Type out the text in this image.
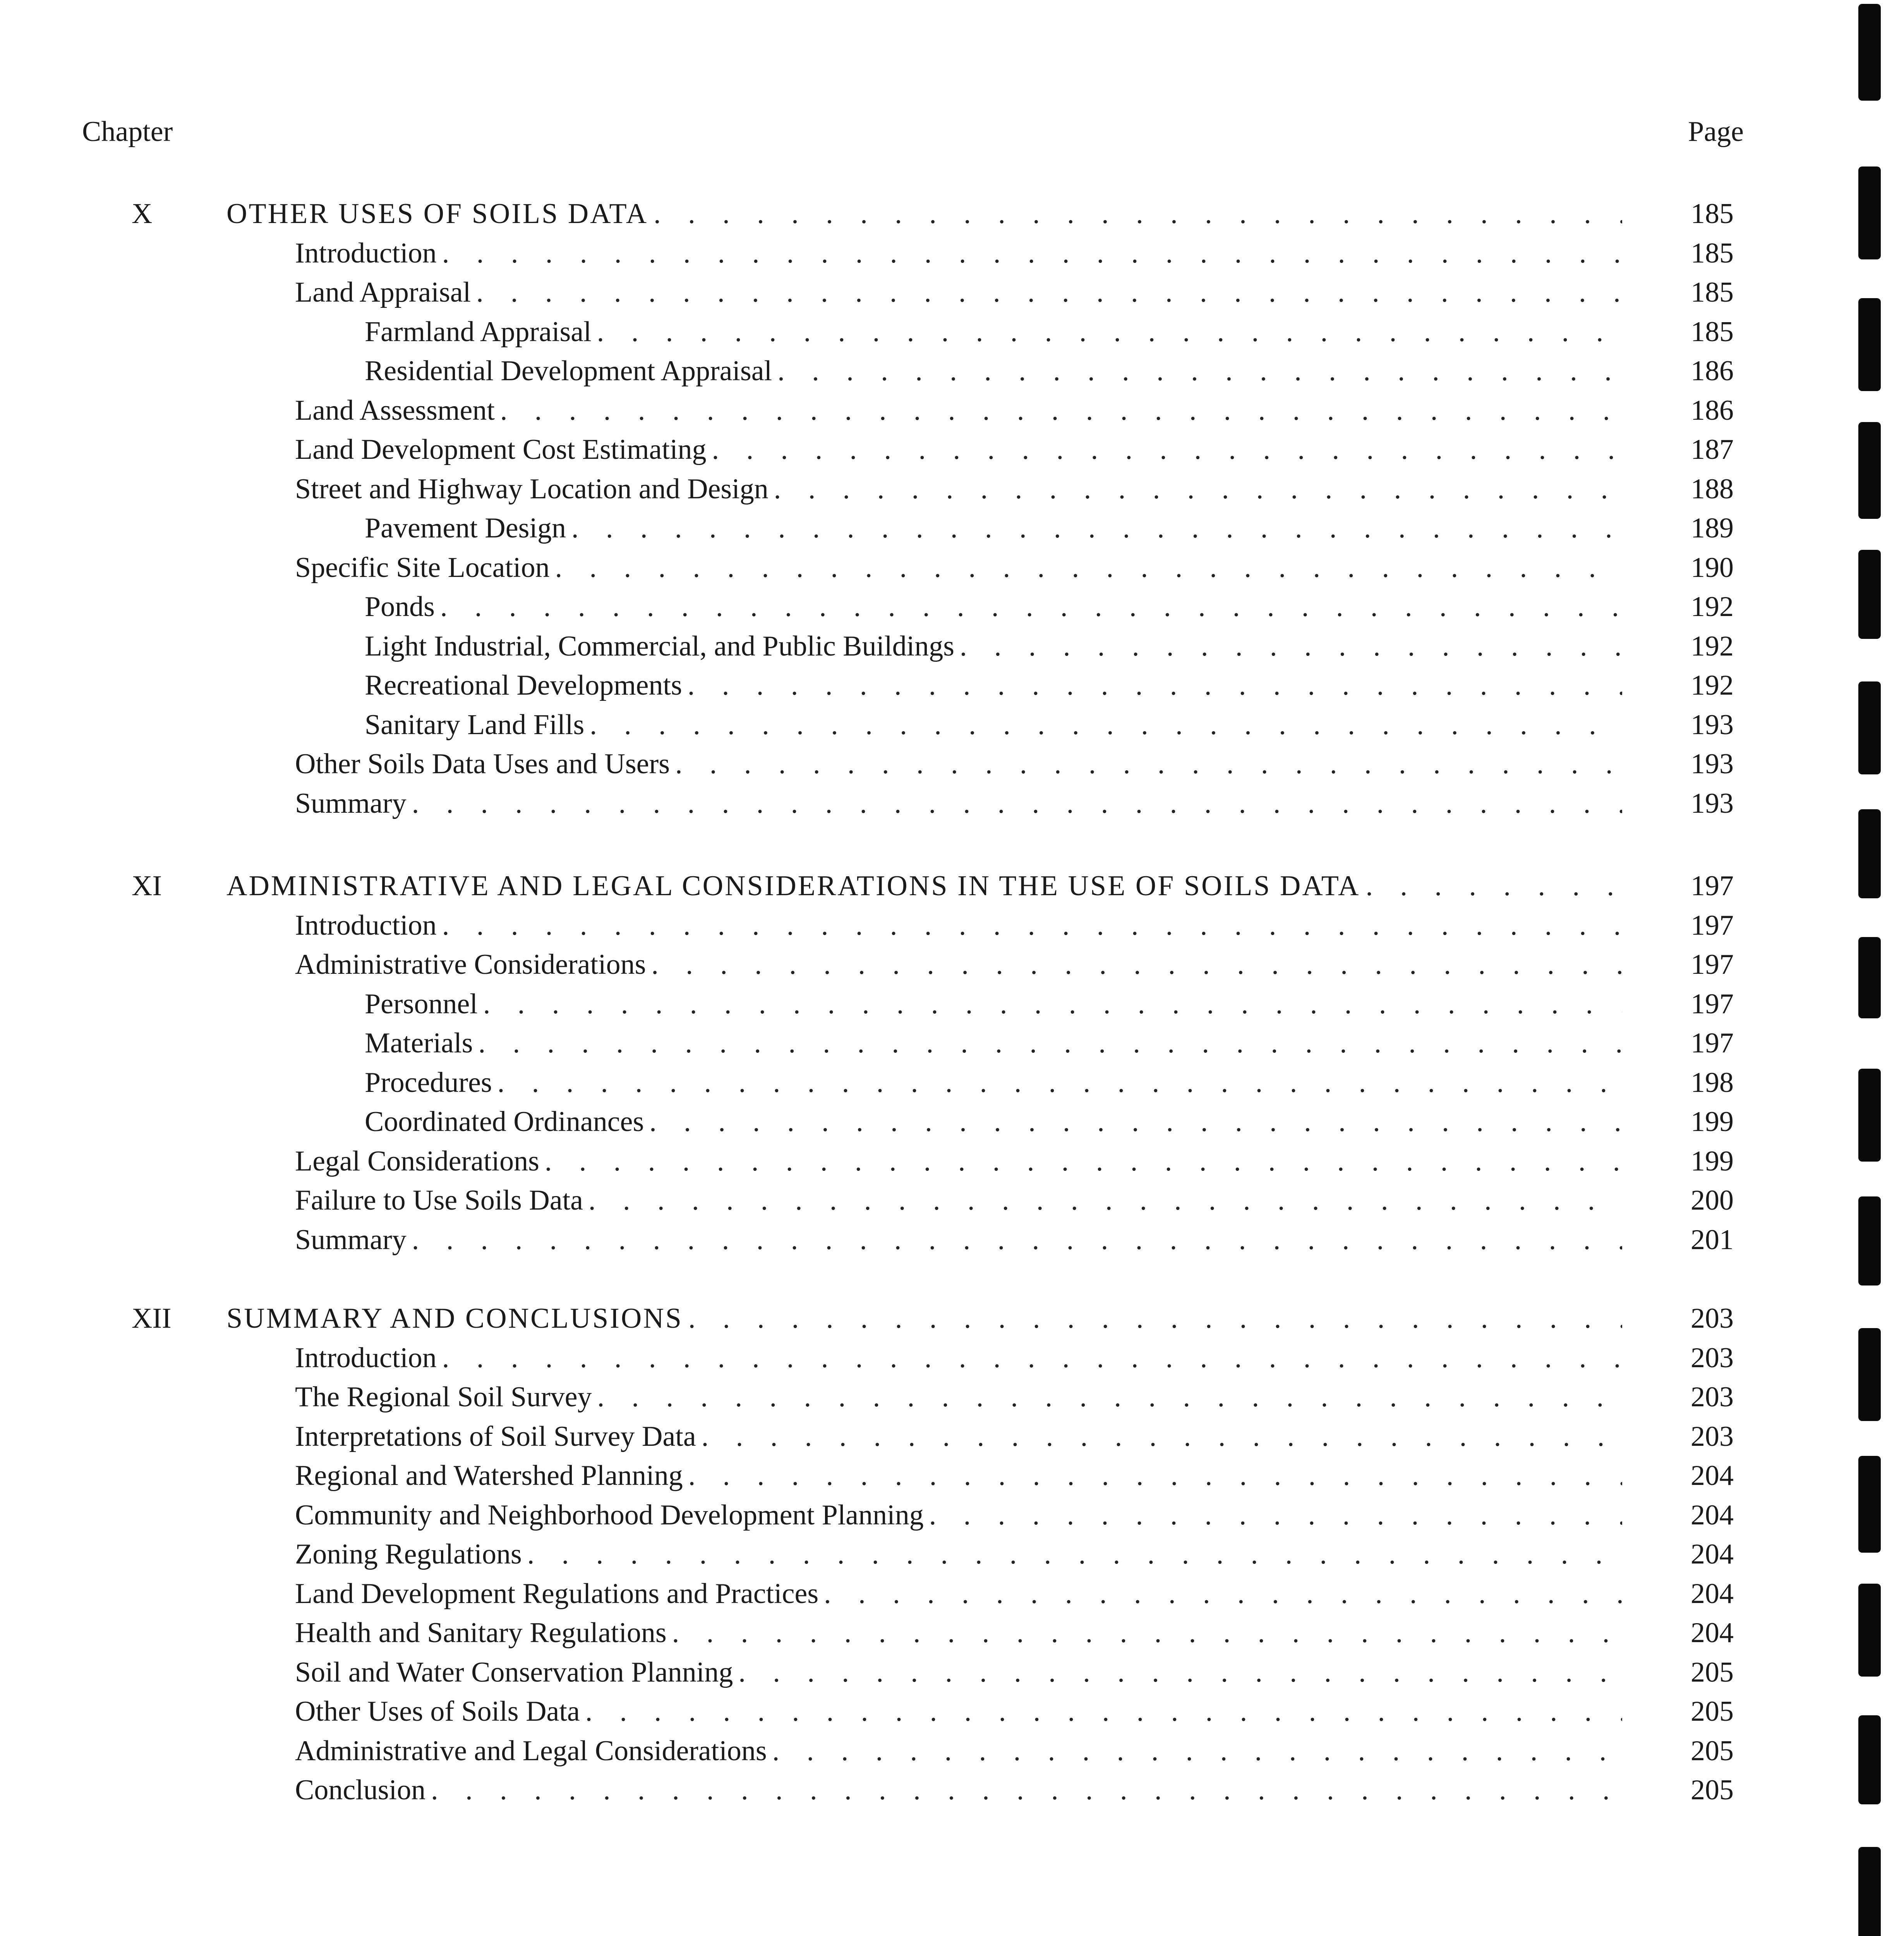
Chapter	Page
X	OTHER USES OF SOILS DATA . . .	185
Introduction . . .	185
Land Appraisal . . .	185
Farmland Appraisal . . .	185
Residential Development Appraisal . . .	186
Land Assessment . . .	186
Land Development Cost Estimating . . .	187
Street and Highway Location and Design . . .	188
Pavement Design . . .	189
Specific Site Location . . .	190
Ponds . . .	192
Light Industrial, Commercial, and Public Buildings . . .	192
Recreational Developments . . .	192
Sanitary Land Fills . . .	193
Other Soils Data Uses and Users . . .	193
Summary . . .	193
XI ADMINISTRATIVE AND LEGAL CONSIDERATIONS IN THE USE OF SOILS DATA . . .	197
Introduction . . .	197
Administrative Considerations . . .	197
Personnel . . .	197
Materials . . .	197
Procedures . . .	198
Coordinated Ordinances . . .	199
Legal Considerations . . .	199
Failure to Use Soils Data . . .	200
Summary . . .	201
XII SUMMARY AND CONCLUSIONS . . .	203
Introduction . . .	203
The Regional Soil Survey . . .	203
Interpretations of Soil Survey Data . . .	203
Regional and Watershed Planning . . .	204
Community and Neighborhood Development Planning . . .	204
Zoning Regulations . . .	204
Land Development Regulations and Practices . . .	204
Health and Sanitary Regulations . . .	204
Soil and Water Conservation Planning . . .	205
Other Uses of Soils Data . . .	205
Administrative and Legal Considerations . . .	205
Conclusion . . .	205
